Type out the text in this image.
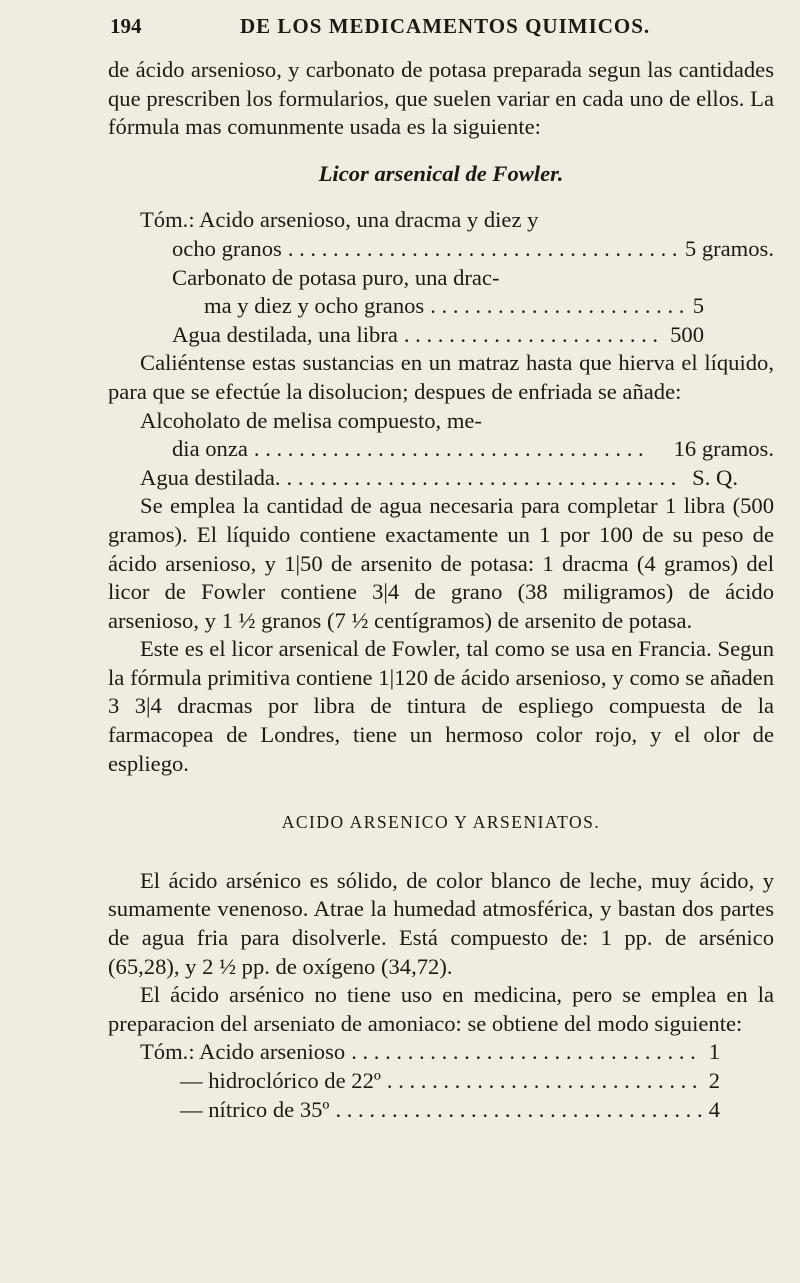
194	DE LOS MEDICAMENTOS QUIMICOS.

de ácido arsenioso, y carbonato de potasa preparada segun las cantidades que prescriben los formularios, que suelen variar en cada uno de ellos. La fórmula mas comunmente usada es la siguiente:

Licor arsenical de Fowler.

Tóm.: Acido arsenioso, una dracma y diez y
ocho granos . . .	5 gramos.
Carbonato de potasa puro, una drac-
ma y diez y ocho granos . . .	5
Agua destilada, una libra . . .	500

Caliéntense estas sustancias en un matraz hasta que hierva el líquido, para que se efectúe la disolucion; despues de enfriada se añade:

Alcoholato de melisa compuesto, me-
dia onza . . .	16 gramos.
Agua destilada. . . .	S. Q.

Se emplea la cantidad de agua necesaria para completar 1 libra (500 gramos). El líquido contiene exactamente un 1 por 100 de su peso de ácido arsenioso, y 1|50 de arsenito de potasa: 1 dracma (4 gramos) del licor de Fowler contiene 3|4 de grano (38 miligramos) de ácido arsenioso, y 1 ½ granos (7 ½ centígramos) de arsenito de potasa.

Este es el licor arsenical de Fowler, tal como se usa en Francia. Segun la fórmula primitiva contiene 1|120 de ácido arsenioso, y como se añaden 3 3|4 dracmas por libra de tintura de espliego compuesta de la farmacopea de Londres, tiene un hermoso color rojo, y el olor de espliego.

ACIDO ARSENICO Y ARSENIATOS.

El ácido arsénico es sólido, de color blanco de leche, muy ácido, y sumamente venenoso. Atrae la humedad atmosférica, y bastan dos partes de agua fria para disolverle. Está compuesto de: 1 pp. de arsénico (65,28), y 2 ½ pp. de oxígeno (34,72).

El ácido arsénico no tiene uso en medicina, pero se emplea en la preparacion del arseniato de amoniaco: se obtiene del modo siguiente:

Tóm.: Acido arsenioso . . .	1
— hidroclórico de 22º . . .	2
— nítrico de 35º . . .	4
